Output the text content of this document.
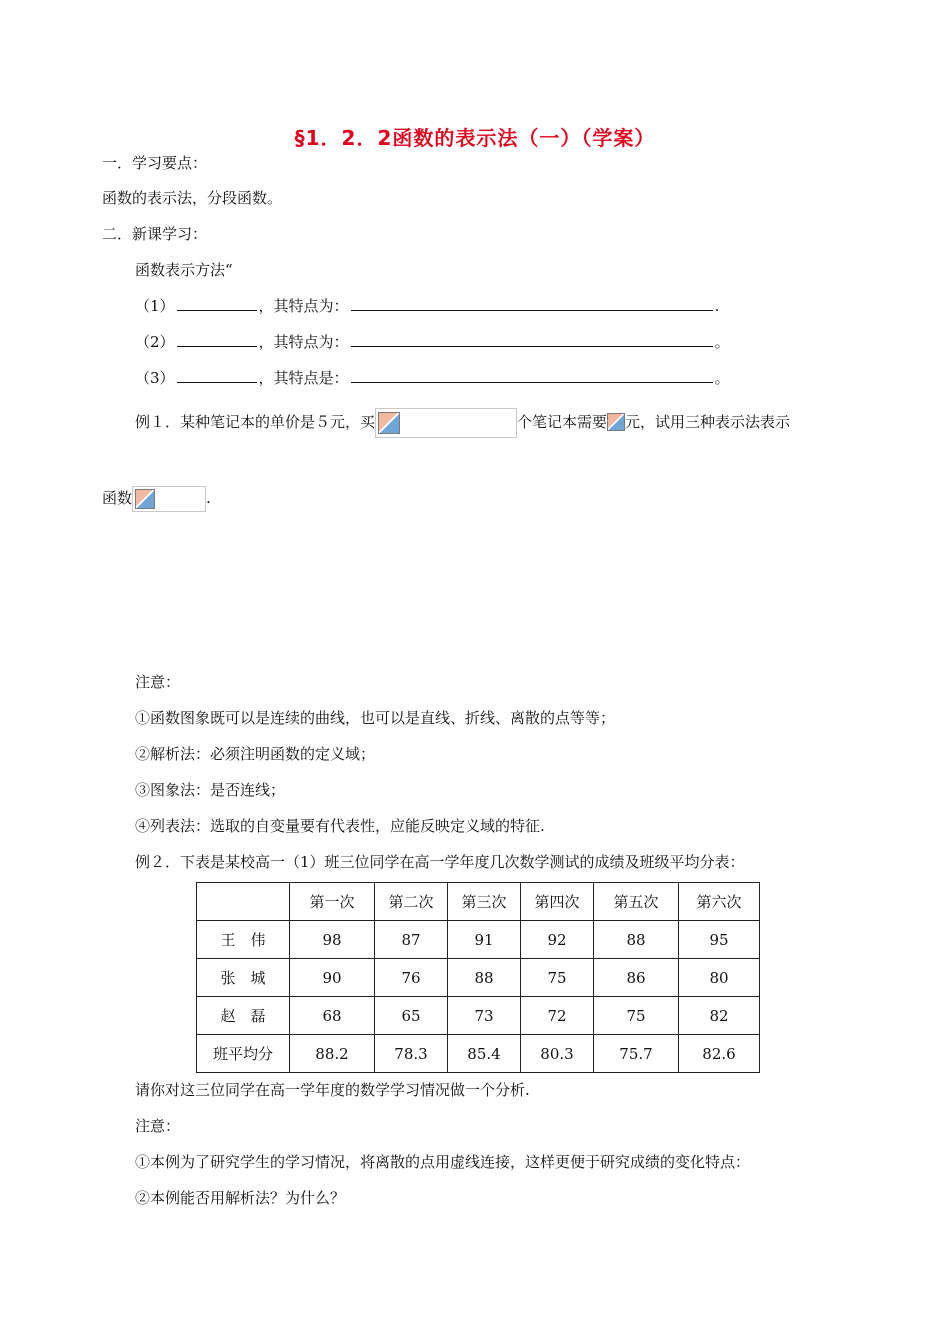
§1．2．2函数的表示法（一）（学案）
一．学习要点：
函数的表示法，分段函数。
二．新课学习：
函数表示方法“
（1）	，其特点为：	.
（2）	，其特点为：	。
（3）	，其特点是：	。
例１．某种笔记本的单价是５元，买	个笔记本需要 元，试用三种表示法表示
函数	.
注意：
①函数图象既可以是连续的曲线，也可以是直线、折线、离散的点等等；
②解析法：必须注明函数的定义域；
③图象法：是否连线；
④列表法：选取的自变量要有代表性，应能反映定义域的特征.
例２．下表是某校高一（1）班三位同学在高一学年度几次数学测试的成绩及班级平均分表：
	第一次	第二次	第三次	第四次	第五次	第六次
王　伟	98	87	91	92	88	95
张　城	90	76	88	75	86	80
赵　磊	68	65	73	72	75	82
班平均分	88.2	78.3	85.4	80.3	75.7	82.6
请你对这三位同学在高一学年度的数学学习情况做一个分析.
注意：
①本例为了研究学生的学习情况，将离散的点用虚线连接，这样更便于研究成绩的变化特点：
②本例能否用解析法？为什么？
